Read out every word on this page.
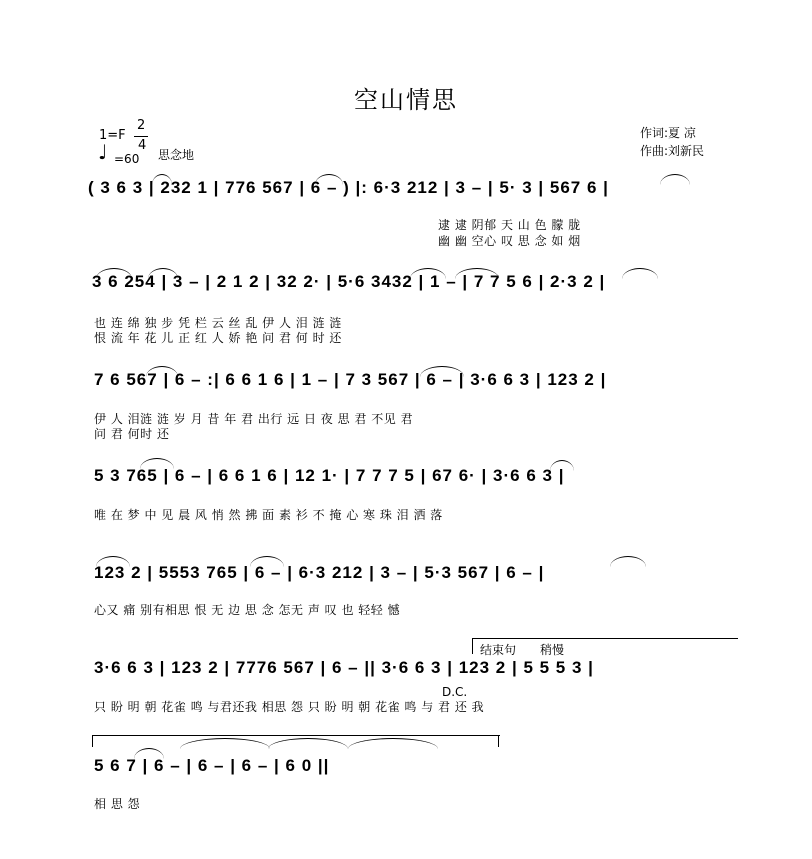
空山情思
1=F
2
4
♩ =60 思念地
作词:夏 凉
作曲:刘新民
( 3 6 3 | 232 1 | 776 567 | 6 – ) |: 6·3 212 | 3 – | 5· 3 | 567 6 |
逮 逮 阴郁 天 山 色 朦 胧
幽 幽 空心 叹 思 念 如 烟
3 6 254 | 3 – | 2 1 2 | 32 2· | 5·6 3432 | 1 – | 7 7 5 6 | 2·3 2 |
也 连 绵 独 步 凭 栏 云 丝 乱 伊 人 泪 涟 涟
恨 流 年 花 儿 正 红 人 娇 艳 问 君 何 时 还
7 6 567 | 6 – :| 6 6 1 6 | 1 – | 7 3 567 | 6 – | 3·6 6 3 | 123 2 |
伊 人 泪涟 涟 岁 月 昔 年 君 出行 远 日 夜 思 君 不见 君
问 君 何时 还
5 3 765 | 6 – | 6 6 1 6 | 12 1· | 7 7 7 5 | 67 6· | 3·6 6 3 |
唯 在 梦 中 见 晨 风 悄 然 拂 面 素 衫 不 掩 心 寒 珠 泪 洒 落
123 2 | 5553 765 | 6 – | 6·3 212 | 3 – | 5·3 567 | 6 – |
心又 痛 别有相思 恨 无 边 思 念 怎无 声 叹 也 轻轻 憾
结束句 稍慢
3·6 6 3 | 123 2 | 7776 567 | 6 – || 3·6 6 3 | 123 2 | 5 5 5 3 |
D.C.
只 盼 明 朝 花雀 鸣 与君还我 相思 怨 只 盼 明 朝 花雀 鸣 与 君 还 我
5 6 7 | 6 – | 6 – | 6 – | 6 0 ||
相 思 怨
